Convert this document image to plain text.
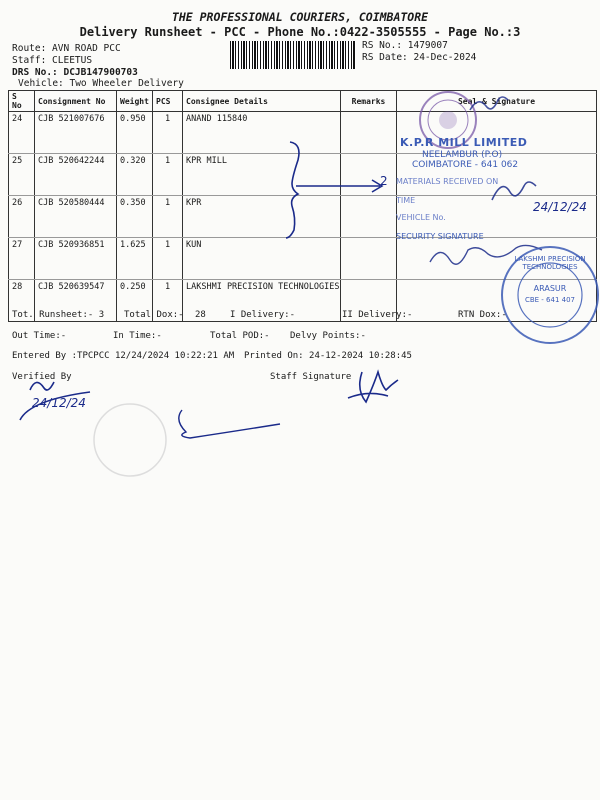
THE PROFESSIONAL COURIERS, COIMBATORE
Delivery Runsheet - PCC - Phone No.:0422-3505555 - Page No.:3
Route: AVN ROAD PCC
Staff: CLEETUS
DRS No.: DCJB147900703
Vehicle: Two Wheeler Delivery
RS No.: 1479007
RS Date: 24-Dec-2024
S No	Consignment No	Weight	PCS	Consignee Details	Remarks	Seal & Signature
24	CJB 521007676	0.950	1	ANAND 115840		
25	CJB 520642244	0.320	1	KPR MILL		
26	CJB 520580444	0.350	1	KPR		
27	CJB 520936851	1.625	1	KUN		
28	CJB 520639547	0.250	1	LAKSHMI PRECISION TECHNOLOGIES		
Tot. Runsheet:- 3 Total Dox:- 28	I Delivery:-	II Delivery:-	RTN Dox:-
Out Time:-	In Time:-	Total POD:- Delvy Points:-
Entered By :TPCPCC 12/24/2024 10:22:21 AM Printed On: 24-12-2024 10:28:45
Verified By	Staff Signature
K.P.R MILL LIMITED
NEELAMBUR (P.O)
COIMBATORE - 641 062
MATERIALS RECEIVED ON
TIME
VEHICLE No.
SECURITY SIGNATURE
24/12/24
2
LAKSHMI PRECISION TECHNOLOGIES
ARASUR
CBE - 641 407
24/12/24
